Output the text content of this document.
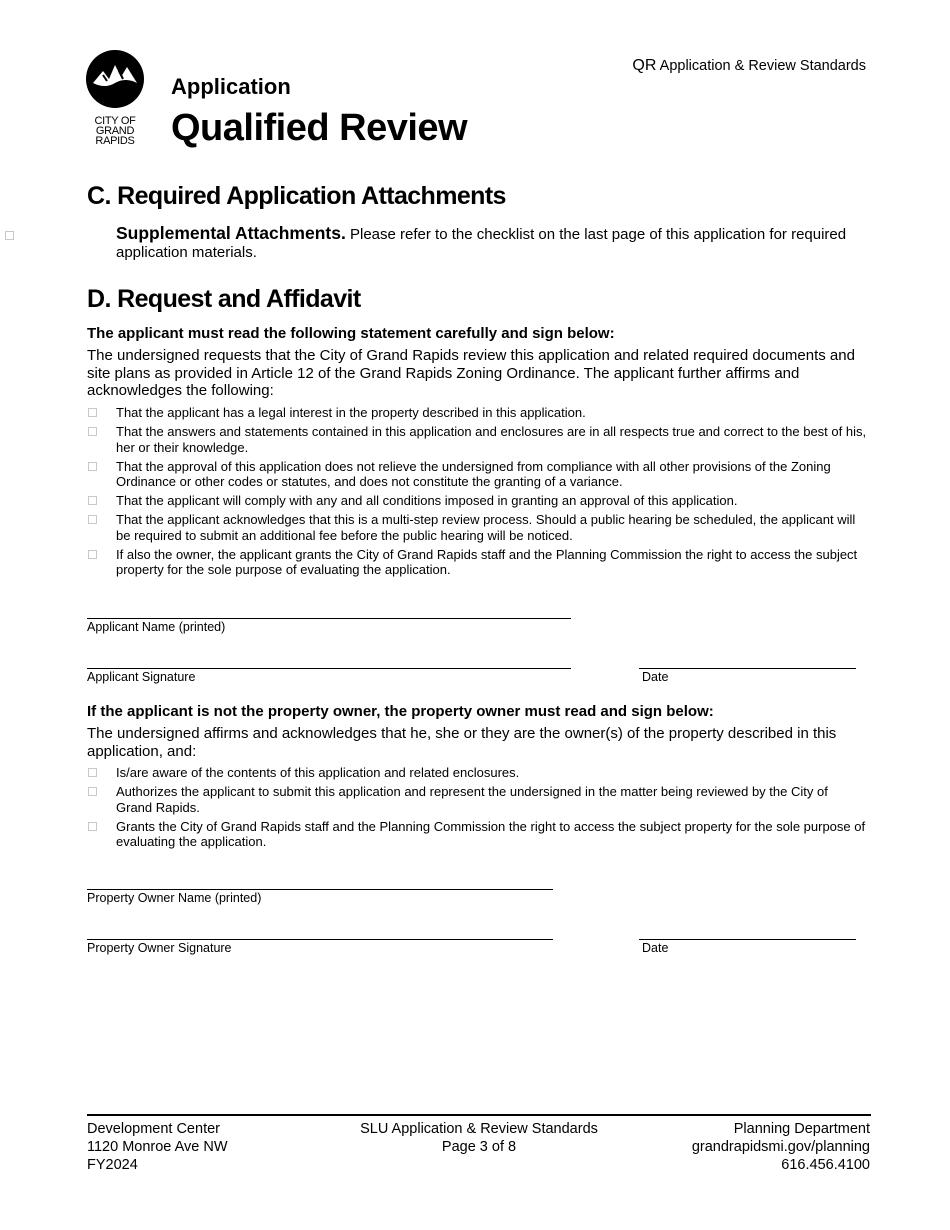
CITY OF
GRAND
RAPIDS
QR Application & Review Standards
Application
Qualified Review
C. Required Application Attachments
Supplemental Attachments. Please refer to the checklist on the last page of this application for required application materials.
D. Request and Affidavit
The applicant must read the following statement carefully and sign below:
The undersigned requests that the City of Grand Rapids review this application and related required documents and site plans as provided in Article 12 of the Grand Rapids Zoning Ordinance. The applicant further affirms and acknowledges the following:
That the applicant has a legal interest in the property described in this application.
That the answers and statements contained in this application and enclosures are in all respects true and correct to the best of his, her or their knowledge.
That the approval of this application does not relieve the undersigned from compliance with all other provisions of the Zoning Ordinance or other codes or statutes, and does not constitute the granting of a variance.
That the applicant will comply with any and all conditions imposed in granting an approval of this application.
That the applicant acknowledges that this is a multi-step review process. Should a public hearing be scheduled, the applicant will be required to submit an additional fee before the public hearing will be noticed.
If also the owner, the applicant grants the City of Grand Rapids staff and the Planning Commission the right to access the subject property for the sole purpose of evaluating the application.
Applicant Name (printed)
Applicant Signature	Date
If the applicant is not the property owner, the property owner must read and sign below:
The undersigned affirms and acknowledges that he, she or they are the owner(s) of the property described in this application, and:
Is/are aware of the contents of this application and related enclosures.
Authorizes the applicant to submit this application and represent the undersigned in the matter being reviewed by the City of Grand Rapids.
Grants the City of Grand Rapids staff and the Planning Commission the right to access the subject property for the sole purpose of evaluating the application.
Property Owner Name (printed)
Property Owner Signature	Date
Development Center
1120 Monroe Ave NW
FY2024
SLU Application & Review Standards
Page 3 of 8
Planning Department
grandrapidsmi.gov/planning
616.456.4100
